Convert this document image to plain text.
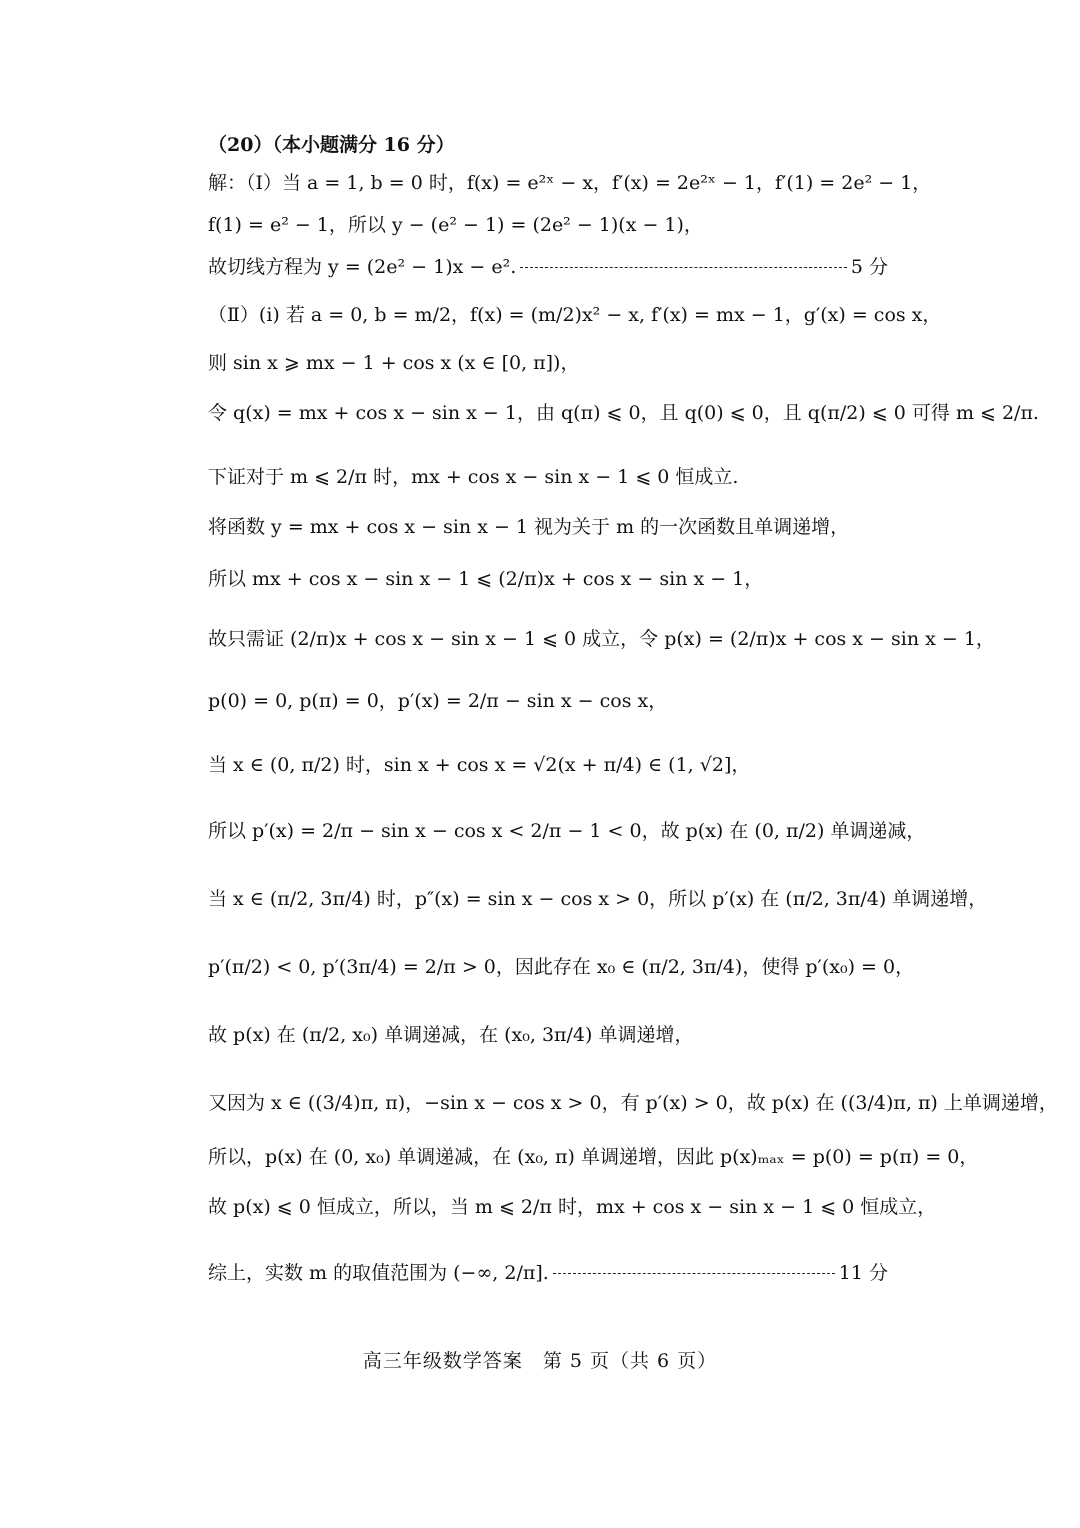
（20）（本小题满分 16 分）
解：（Ⅰ）当 a = 1, b = 0 时，f(x) = e²ˣ − x，f′(x) = 2e²ˣ − 1，f′(1) = 2e² − 1，
f(1) = e² − 1，所以 y − (e² − 1) = (2e² − 1)(x − 1)，
故切线方程为 y = (2e² − 1)x − e².	5 分
（Ⅱ）(i) 若 a = 0, b = m/2，f(x) = (m/2)x² − x, f′(x) = mx − 1，g′(x) = cos x，
则 sin x ⩾ mx − 1 + cos x (x ∈ [0, π])，
令 q(x) = mx + cos x − sin x − 1，由 q(π) ⩽ 0，且 q(0) ⩽ 0，且 q(π/2) ⩽ 0 可得 m ⩽ 2/π.
下证对于 m ⩽ 2/π 时，mx + cos x − sin x − 1 ⩽ 0 恒成立.
将函数 y = mx + cos x − sin x − 1 视为关于 m 的一次函数且单调递增，
所以 mx + cos x − sin x − 1 ⩽ (2/π)x + cos x − sin x − 1，
故只需证 (2/π)x + cos x − sin x − 1 ⩽ 0 成立，令 p(x) = (2/π)x + cos x − sin x − 1，
p(0) = 0, p(π) = 0，p′(x) = 2/π − sin x − cos x，
当 x ∈ (0, π/2) 时，sin x + cos x = √2(x + π/4) ∈ (1, √2]，
所以 p′(x) = 2/π − sin x − cos x < 2/π − 1 < 0，故 p(x) 在 (0, π/2) 单调递减，
当 x ∈ (π/2, 3π/4) 时，p″(x) = sin x − cos x > 0，所以 p′(x) 在 (π/2, 3π/4) 单调递增，
p′(π/2) < 0, p′(3π/4) = 2/π > 0，因此存在 x₀ ∈ (π/2, 3π/4)，使得 p′(x₀) = 0，
故 p(x) 在 (π/2, x₀) 单调递减，在 (x₀, 3π/4) 单调递增，
又因为 x ∈ ((3/4)π, π)，−sin x − cos x > 0，有 p′(x) > 0，故 p(x) 在 ((3/4)π, π) 上单调递增，
所以，p(x) 在 (0, x₀) 单调递减，在 (x₀, π) 单调递增，因此 p(x)ₘₐₓ = p(0) = p(π) = 0，
故 p(x) ⩽ 0 恒成立，所以，当 m ⩽ 2/π 时，mx + cos x − sin x − 1 ⩽ 0 恒成立，
综上，实数 m 的取值范围为 (−∞, 2/π].	11 分
高三年级数学答案　第 5 页（共 6 页）
